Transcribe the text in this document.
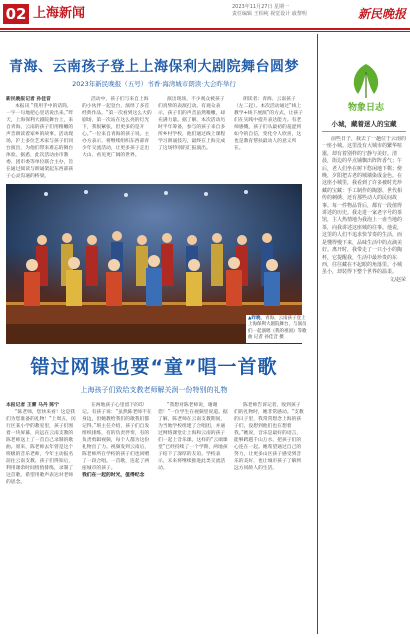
02 上海新闻	2023年11月27日 星期一
责任编辑 王柏纯 视觉设计 戚黎明	新民晚报
青海、云南孩子登上上海保利大剧院舞台圆梦
2023年新民晚报（五号）书香·海湾城市朗读·大会昨举行
新民晚报记者 孙佳音

本报讯 “我用手中的话筒，一字一句地把心里话说出来。”昨天，上海保利大剧院舞台上，来自青海、云南的孩子们用稚嫩的声音朗读着家乡的故事。活动现场，沪上多位艺术家与孩子们同台演出，为他们带来难忘的舞台体验。据悉，此次活动由市教委、团市委等单位联合主办，旨在通过阅读与朗诵架起东西部孩子心灵沟通的桥梁。

活动中，孩子们与来自上海的小伙伴一起登台，演绎了多首经典作品。“第一次看到这么大的剧场，第一次站在这么亮的灯光下，我很紧张，但更多的是开心。”一位来自青海的孩子说。主办方表示，将继续组织东西部青少年交流活动，让更多孩子走出大山、看见更广阔的世界。

演出现场，不少观众被孩子们真挚的表演打动。有观众表示，孩子们的声音虽然稚嫩，却充满力量。据了解，本次活动历时半年筹备，参与的孩子来自多所乡村学校，他们通过线上课程学习朗诵技巧，最终在上海完成了这场特别的汇报演出。

朗读者：青海、云南孩子（左二起）。本次活动通过“线上教学+线下展演”的方式，让孩子们在实践中提升表达能力。有老师感慨，孩子们从最初的羞涩到如今的自信，变化令人欣喜，这也是教育帮扶最动人的意义所在。

▲昨晚，青海、云南孩子登上上海保利大剧院舞台，与演员们一起演唱《我的祖国》等歌曲 记者 孙佳音 摄
错过网课也要“童”唱一首歌
上海孩子们致给支教老师解关润一份特别的礼物
本报记者 王蕾 马丹 陈宁

“陈老师，您快来看！这是我们为您准备的礼物！”上周五，闵行区某小学的教室里，孩子们围着一块屏幕，向远在云南支教的陈老师送上了一首自己录制的歌曲。原来，陈老师去年曾是这个班级的音乐老师，今年主动报名前往云南支教。孩子们得知后，利用课余时间悄悄排练，录制了这首歌，希望用歌声表达对老师的思念。

在两地孩子心里留下的印记。有孩子说：“虽然陈老师不在身边，但她教给我们的歌我们都记得。”班主任介绍，孩子们自发组织排练，有的负责伴奏，有的负责剪辑视频，每个人都为这份礼物出了力。视频发到云南后，陈老师所在学校的孩子们也回赠了一段合唱。一首歌，连起了两座城市的孩子。

我们在一起的时光，值得纪念

“我想对陈老师说，谢谢您！”一位学生在视频里说道。据了解，陈老师在云南支教期间，为当地学校组建了合唱团，并通过网络课堂让上海和云南的孩子们一起上音乐课。这样的“云端课堂”已经持续了一个学期，两地孩子结下了深厚的友谊。学校表示，未来将继续推进此类交流活动。

陈老师告诉记者，收到孩子们的礼物时，她非常感动。“支教的日子里，我常常想念上海的孩子们，没想到他们也在想着我。”她说，音乐是最好的语言，能够跨越千山万水，把孩子们的心连在一起。她希望通过自己的努力，让更多山区孩子感受到音乐的美好，也让城市孩子了解到远方同龄人的生活。

物象日志
小城，藏着迷人的宝藏

前些日子，我去了一趟位于云南的一座小城。这里没有大城市的繁华喧嚣，却有着别样的宁静与美好。清晨，街边的早点铺飘出阵阵香气；午后，老人们坐在树下悠闲地下棋；傍晚，夕阳把古老的城墙染成金色。在这座小城里，我看到了许多被时光珍藏的宝藏：手工制作的陶器、世代相传的刺绣、还有那些动人的民间故事。每一件物品背后，都有一段值得讲述的历史。我走进一家老字号的茶馆，主人热情地为我泡上一壶当地的茶，向我讲述这座城的往事。他说，这里的人们不追求快节奏的生活，而是懂得慢下来，品味生活中的点滴美好。离开时，我带走了一只小小的陶杯，它提醒我，生活中最珍贵的东西，往往藏在不起眼的角落里。小城虽小，却装得下整个世界的温柔。

文/赵荣
